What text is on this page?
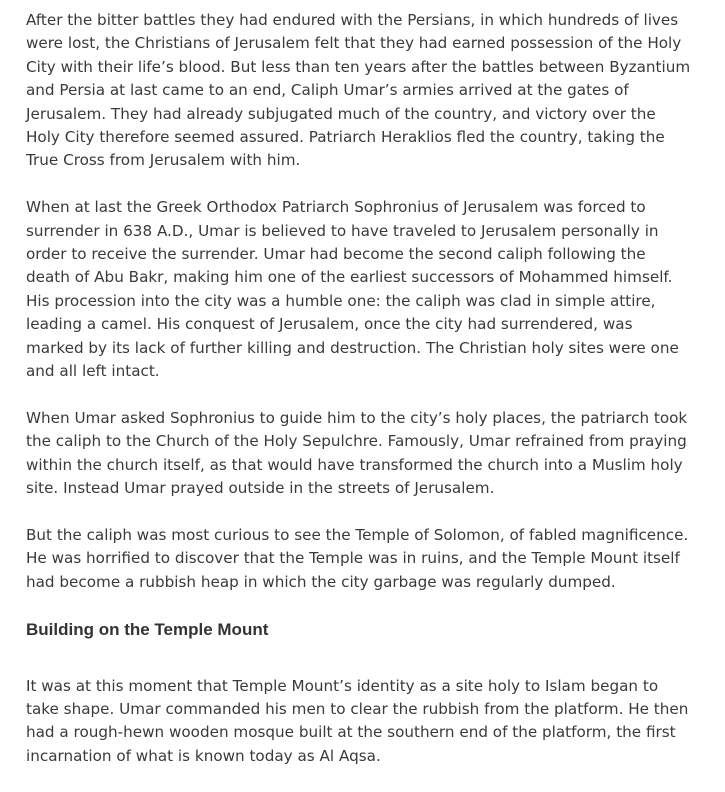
After the bitter battles they had endured with the Persians, in which hundreds of lives were lost, the Christians of Jerusalem felt that they had earned possession of the Holy City with their life’s blood. But less than ten years after the battles between Byzantium and Persia at last came to an end, Caliph Umar’s armies arrived at the gates of Jerusalem. They had already subjugated much of the country, and victory over the Holy City therefore seemed assured. Patriarch Heraklios fled the country, taking the True Cross from Jerusalem with him.

When at last the Greek Orthodox Patriarch Sophronius of Jerusalem was forced to surrender in 638 A.D., Umar is believed to have traveled to Jerusalem personally in order to receive the surrender. Umar had become the second caliph following the death of Abu Bakr, making him one of the earliest successors of Mohammed himself. His procession into the city was a humble one: the caliph was clad in simple attire, leading a camel. His conquest of Jerusalem, once the city had surrendered, was marked by its lack of further killing and destruction. The Christian holy sites were one and all left intact.

When Umar asked Sophronius to guide him to the city’s holy places, the patriarch took the caliph to the Church of the Holy Sepulchre. Famously, Umar refrained from praying within the church itself, as that would have transformed the church into a Muslim holy site. Instead Umar prayed outside in the streets of Jerusalem.

But the caliph was most curious to see the Temple of Solomon, of fabled magnificence. He was horrified to discover that the Temple was in ruins, and the Temple Mount itself had become a rubbish heap in which the city garbage was regularly dumped.

Building on the Temple Mount

It was at this moment that Temple Mount’s identity as a site holy to Islam began to take shape. Umar commanded his men to clear the rubbish from the platform. He then had a rough-hewn wooden mosque built at the southern end of the platform, the first incarnation of what is known today as Al Aqsa.
